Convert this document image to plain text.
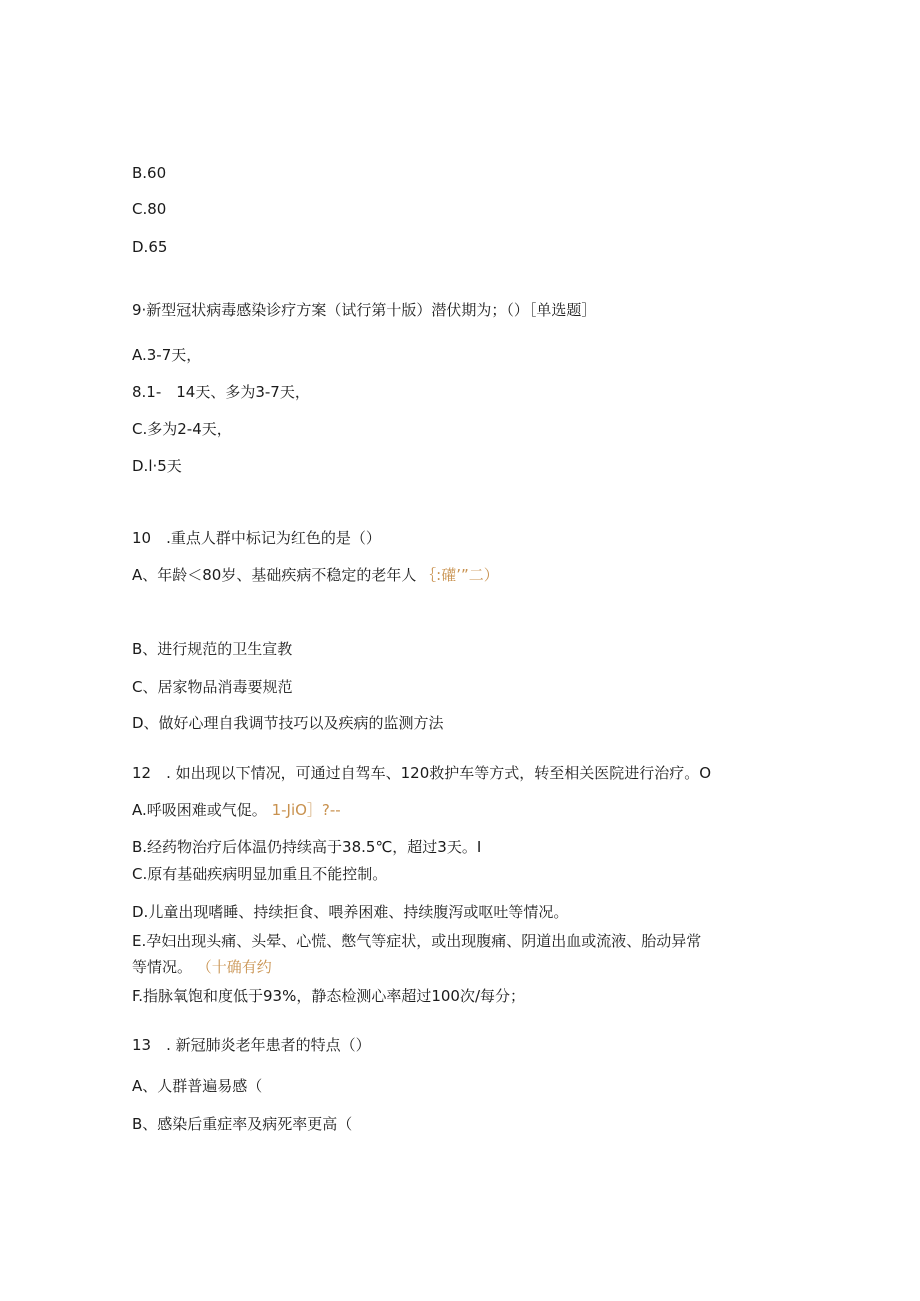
B.60
C.80
D.65
9·新型冠状病毒感染诊疗方案（试行第十版）潜伏期为；（）［单选题］
A.3-7天，
8.1-　14天、多为3-7天，
C.多为2-4天，
D.l·5天
10　.重点人群中标记为红色的是（）
A、年龄＜80岁、基础疾病不稳定的老年人 ｛:礶’”二）
B、进行规范的卫生宣教
C、居家物品消毒要规范
D、做好心理自我调节技巧以及疾病的监测方法
12　. 如出现以下情况，可通过自驾车、120救护车等方式，转至相关医院进行治疗。O
A.呼吸困难或气促。 1-JiO］?--
B.经药物治疗后体温仍持续高于38.5℃，超过3天。I
C.原有基础疾病明显加重且不能控制。
D.儿童出现嗜睡、持续拒食、喂养困难、持续腹泻或呕吐等情况。
E.孕妇出现头痛、头晕、心慌、憋气等症状，或出现腹痛、阴道出血或流液、胎动异常
等情况。 （十确有约
F.指脉氧饱和度低于93%，静态检测心率超过100次/每分；
13　. 新冠肺炎老年患者的特点（）
A、人群普遍易感（
B、感染后重症率及病死率更高（
